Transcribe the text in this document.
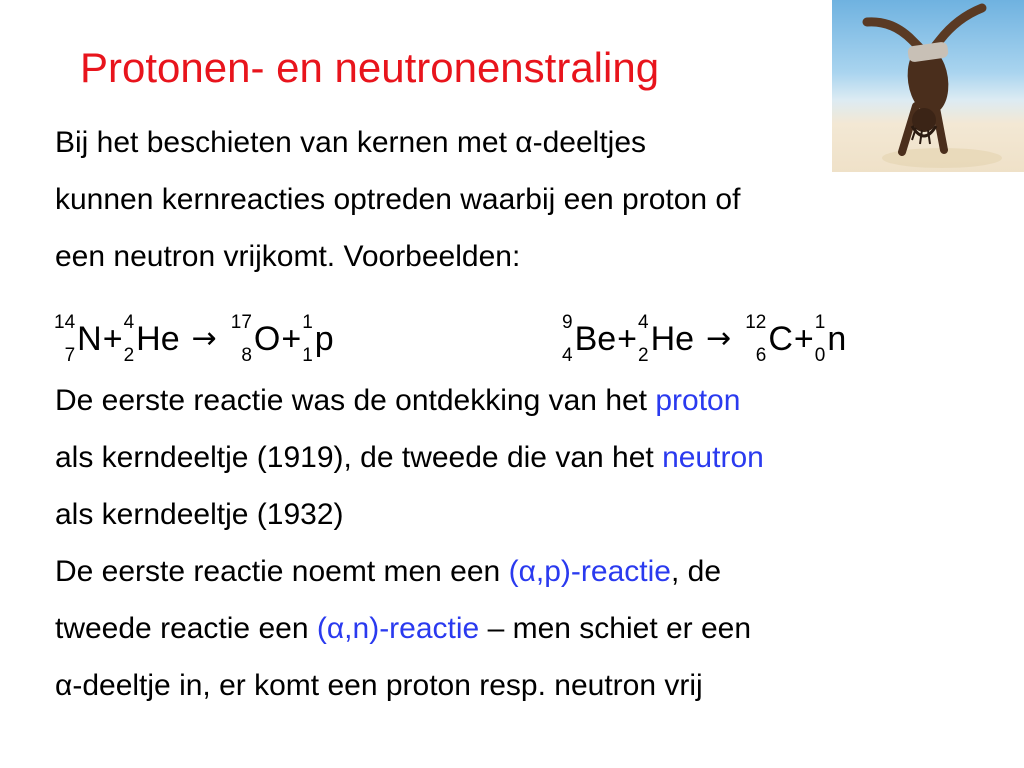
Protonen- en neutronenstraling
Bij het beschieten van kernen met α-deeltjes
kunnen kernreacties optreden waarbij een proton of
een neutron vrijkomt. Voorbeelden:
14
7 N + 4
2 He → 17
8 O + 1
1 p	9
4 Be + 4
2 He → 12
6 C + 1
0 n
De eerste reactie was de ontdekking van het proton
als kerndeeltje (1919), de tweede die van het neutron
als kerndeeltje (1932)
De eerste reactie noemt men een (α,p)-reactie, de
tweede reactie een (α,n)-reactie – men schiet er een
α-deeltje in, er komt een proton resp. neutron vrij
